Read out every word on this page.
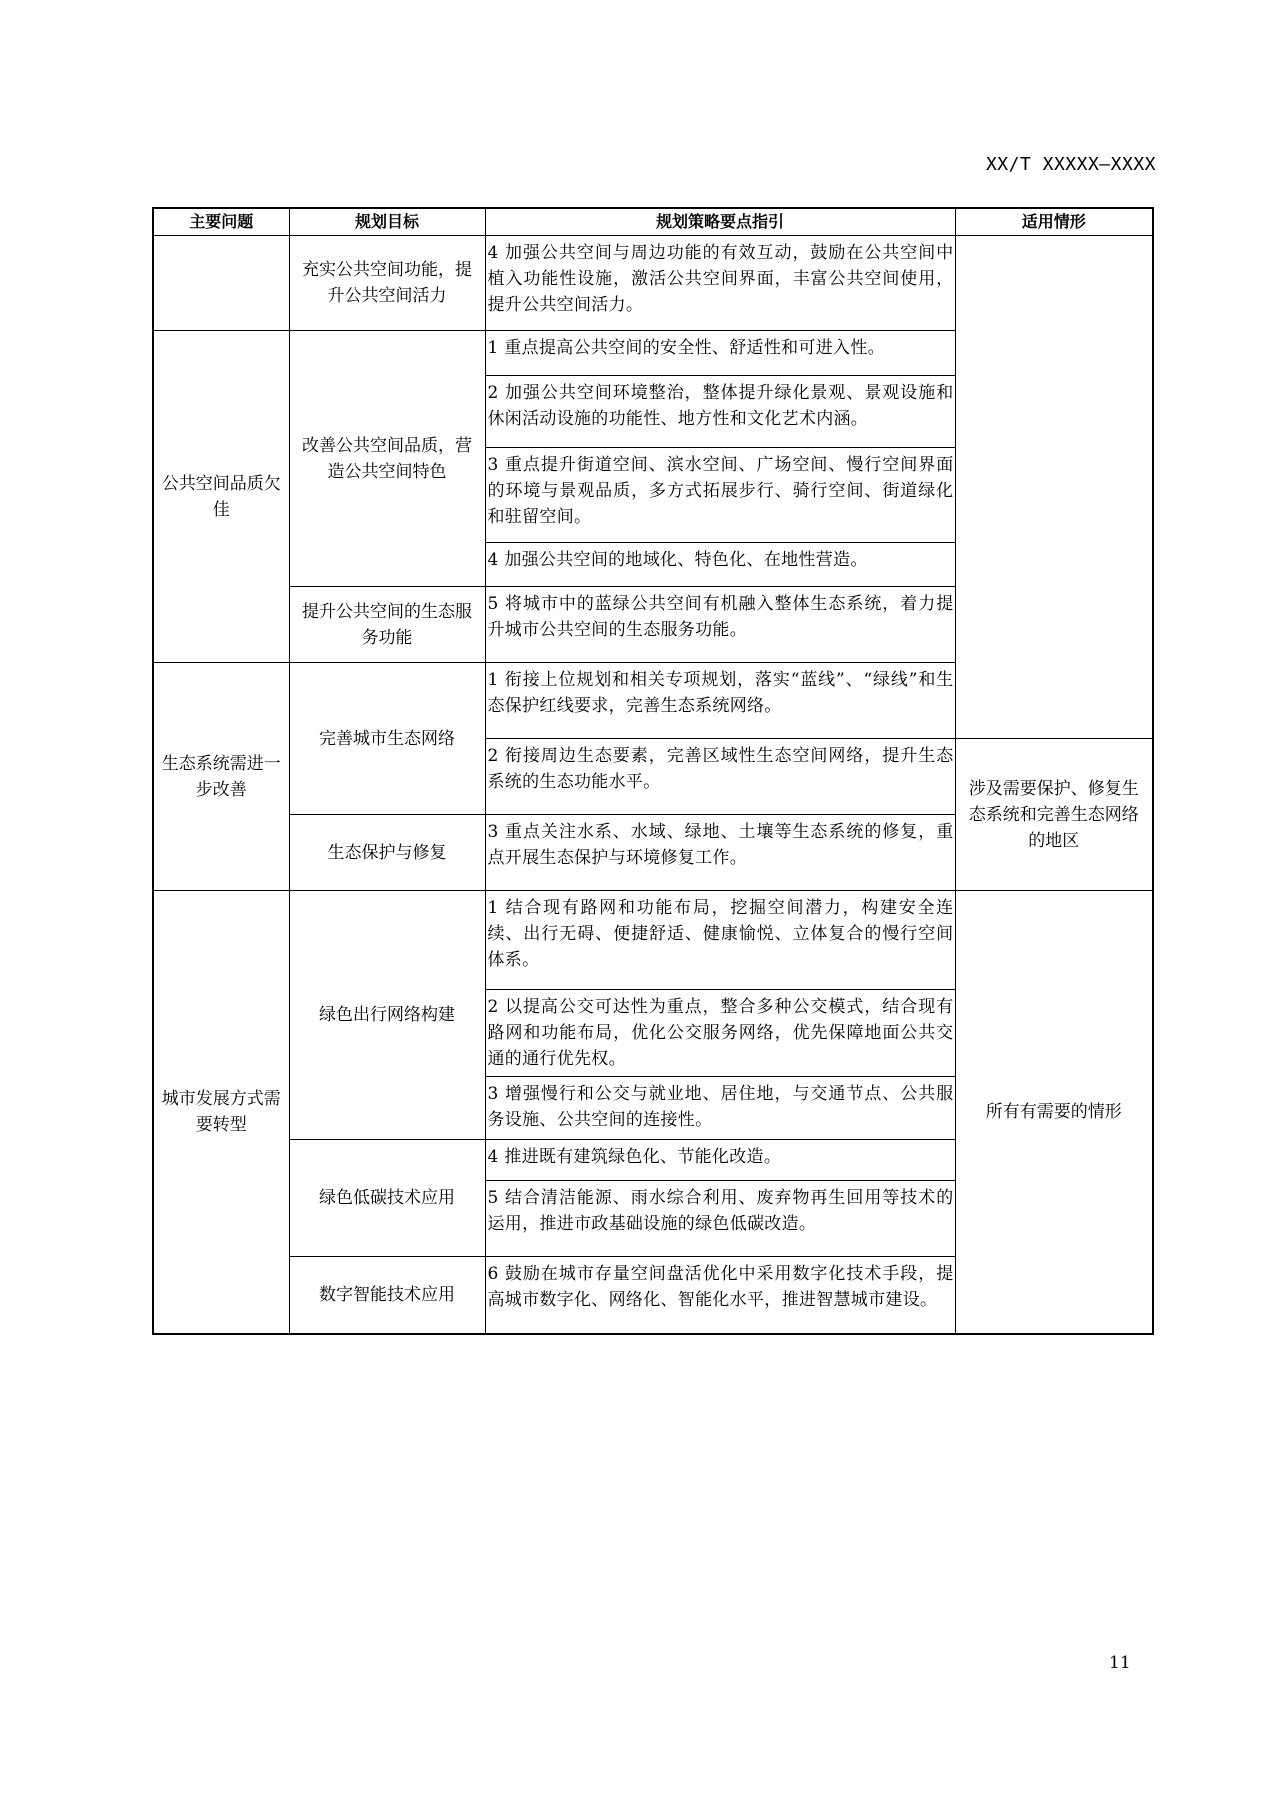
XX/T XXXXX—XXXX
主要问题	规划目标	规划策略要点指引	适用情形
	充实公共空间功能，提升公共空间活力	4 加强公共空间与周边功能的有效互动，鼓励在公共空间中植入功能性设施，激活公共空间界面，丰富公共空间使用，提升公共空间活力。	
公共空间品质欠佳	改善公共空间品质，营造公共空间特色	1 重点提高公共空间的安全性、舒适性和可进入性。	
		2 加强公共空间环境整治，整体提升绿化景观、景观设施和休闲活动设施的功能性、地方性和文化艺术内涵。	
		3 重点提升街道空间、滨水空间、广场空间、慢行空间界面的环境与景观品质，多方式拓展步行、骑行空间、街道绿化和驻留空间。	
		4 加强公共空间的地域化、特色化、在地性营造。	
	提升公共空间的生态服务功能	5 将城市中的蓝绿公共空间有机融入整体生态系统，着力提升城市公共空间的生态服务功能。	
生态系统需进一步改善	完善城市生态网络	1 衔接上位规划和相关专项规划，落实“蓝线”、“绿线”和生态保护红线要求，完善生态系统网络。	
		2 衔接周边生态要素，完善区域性生态空间网络，提升生态系统的生态功能水平。	涉及需要保护、修复生态系统和完善生态网络的地区
	生态保护与修复	3 重点关注水系、水域、绿地、土壤等生态系统的修复，重点开展生态保护与环境修复工作。	
城市发展方式需要转型	绿色出行网络构建	1 结合现有路网和功能布局，挖掘空间潜力，构建安全连续、出行无碍、便捷舒适、健康愉悦、立体复合的慢行空间体系。	所有有需要的情形
		2 以提高公交可达性为重点，整合多种公交模式，结合现有路网和功能布局，优化公交服务网络，优先保障地面公共交通的通行优先权。	
		3 增强慢行和公交与就业地、居住地，与交通节点、公共服务设施、公共空间的连接性。	
	绿色低碳技术应用	4 推进既有建筑绿色化、节能化改造。	
		5 结合清洁能源、雨水综合利用、废弃物再生回用等技术的运用，推进市政基础设施的绿色低碳改造。	
	数字智能技术应用	6 鼓励在城市存量空间盘活优化中采用数字化技术手段，提高城市数字化、网络化、智能化水平，推进智慧城市建设。	
11
